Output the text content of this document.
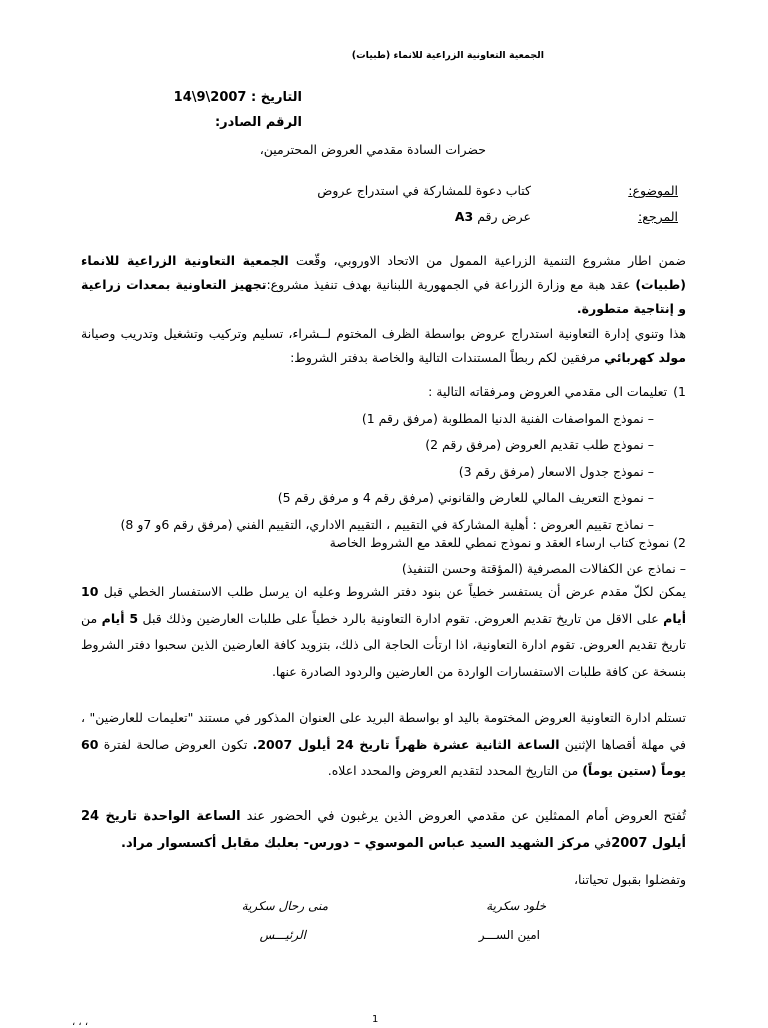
الجمعية التعاونية الزراعية للانماء (طبيات)
التاريخ : 2007\9\14
الرقم الصادر:
حضرات السادة مقدمي العروض المحترمين،
الموضوع:
كتاب دعوة للمشاركة في استدراج عروض
المرجع:
عرض رقم A3
ضمن اطار مشروع التنمية الزراعية الممول من الاتحاد الاوروبي، وقّعت الجمعية التعاونية الزراعية للانماء (طبيات) عقد هبة مع وزارة الزراعة في الجمهورية اللبنانية بهدف تنفيذ مشروع:تجهيز التعاونية بمعدات زراعية و إنتاجية متطورة.
هذا وتنوي إدارة التعاونية استدراج عروض بواسطة الظرف المختوم لــشراء، تسليم وتركيب وتشغيل وتدريب وصيانة مولد كهربائي مرفقين لكم ربطاً المستندات التالية والخاصة بدفتر الشروط:
1)تعليمات الى مقدمي العروض ومرفقاته التالية :
– نموذج المواصفات الفنية الدنيا المطلوبة (مرفق رقم 1)
– نموذج طلب تقديم العروض (مرفق رقم 2)
– نموذج جدول الاسعار (مرفق رقم 3)
– نموذج التعريف المالي للعارض والقانوني (مرفق رقم 4 و مرفق رقم 5)
– نماذج تقييم العروض : أهلية المشاركة في التقييم ، التقييم الاداري، التقييم الفني (مرفق رقم 6و 7و 8)
2) نموذج كتاب ارساء العقد و نموذج نمطي للعقد مع الشروط الخاصة
– نماذج عن الكفالات المصرفية (المؤقتة وحسن التنفيذ)
يمكن لكلّ مقدم عرض أن يستفسر خطياً عن بنود دفتر الشروط وعليه ان يرسل طلب الاستفسار الخطي قبل 10 أيام على الاقل من تاريخ تقديم العروض. تقوم ادارة التعاونية بالرد خطياً على طلبات العارضين وذلك قبل 5 أيام من تاريخ تقديم العروض. تقوم ادارة التعاونية، اذا ارتأت الحاجة الى ذلك، بتزويد كافة العارضين الذين سحبوا دفتر الشروط بنسخة عن كافة طلبات الاستفسارات الواردة من العارضين والردود الصادرة عنها.
تستلم ادارة التعاونية العروض المختومة باليد او بواسطة البريد على العنوان المذكور في مستند "تعليمات للعارضين" ، في مهلة أقصاها الإثنين الساعة الثانية عشرة ظهراً تاريخ 24 أيلول 2007. تكون العروض صالحة لفترة 60 يوماً (ستين يوماً) من التاريخ المحدد لتقديم العروض والمحدد اعلاه.
تُفتح العروض أمام الممثلين عن مقدمي العروض الذين يرغبون في الحضور عند الساعة الواحدة تاريخ 24 أيلول 2007في مركز الشهيد السيد عباس الموسوي – دورس- بعلبك مقابل أكسسوار مراد.
وتفضلوا بقبول تحياتنا،
خلود سكرية
منى رحال سكرية
امين الســـر
الرئيـــس
1
، ، ،
